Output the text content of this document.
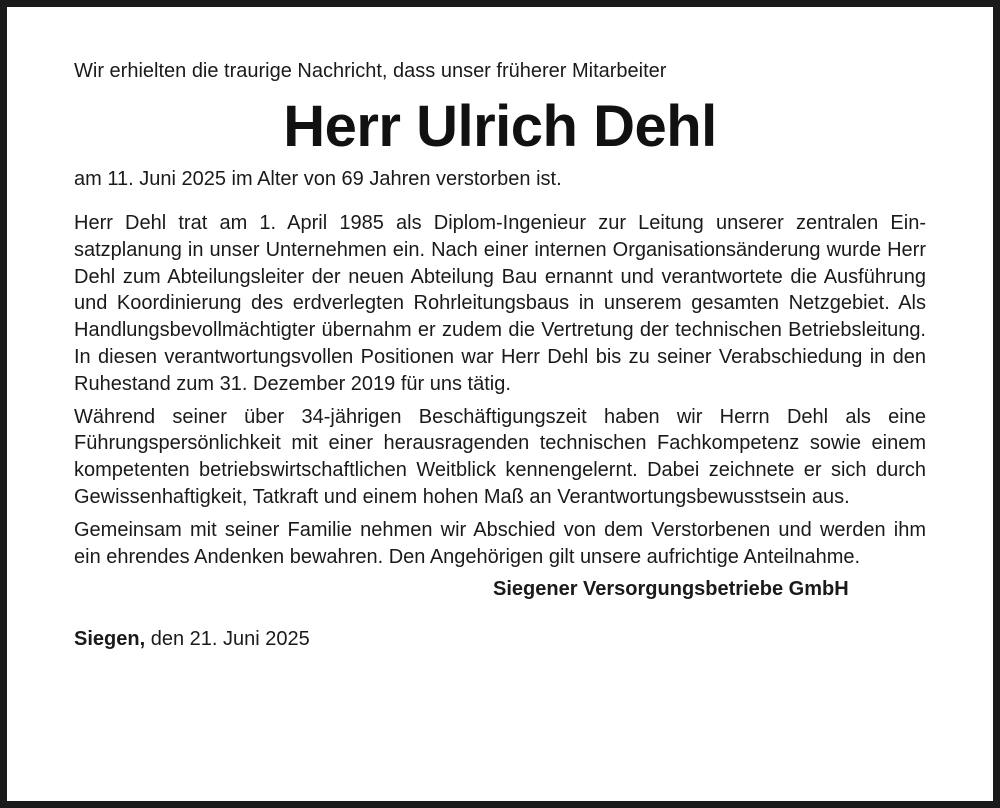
Wir erhielten die traurige Nachricht, dass unser früherer Mitarbeiter

Herr Ulrich Dehl

am 11. Juni 2025 im Alter von 69 Jahren verstorben ist.

Herr Dehl trat am 1. April 1985 als Diplom-Ingenieur zur Leitung unserer zentralen Einsatzplanung in unser Unternehmen ein. Nach einer internen Organisationsänderung wurde Herr Dehl zum Abteilungsleiter der neuen Abteilung Bau ernannt und verantwortete die Ausführung und Koordinierung des erdverlegten Rohrleitungsbaus in unserem gesamten Netzgebiet. Als Handlungsbevollmächtigter übernahm er zudem die Vertretung der technischen Betriebsleitung. In diesen verantwortungsvollen Positionen war Herr Dehl bis zu seiner Verabschiedung in den Ruhestand zum 31. Dezember 2019 für uns tätig.

Während seiner über 34-jährigen Beschäftigungszeit haben wir Herrn Dehl als eine Führungspersönlichkeit mit einer herausragenden technischen Fachkompetenz sowie einem kompetenten betriebswirtschaftlichen Weitblick kennengelernt. Dabei zeichnete er sich durch Gewissenhaftigkeit, Tatkraft und einem hohen Maß an Verantwortungsbewusstsein aus.

Gemeinsam mit seiner Familie nehmen wir Abschied von dem Verstorbenen und werden ihm ein ehrendes Andenken bewahren. Den Angehörigen gilt unsere aufrichtige Anteilnahme.

Siegener Versorgungsbetriebe GmbH

Siegen, den 21. Juni 2025
